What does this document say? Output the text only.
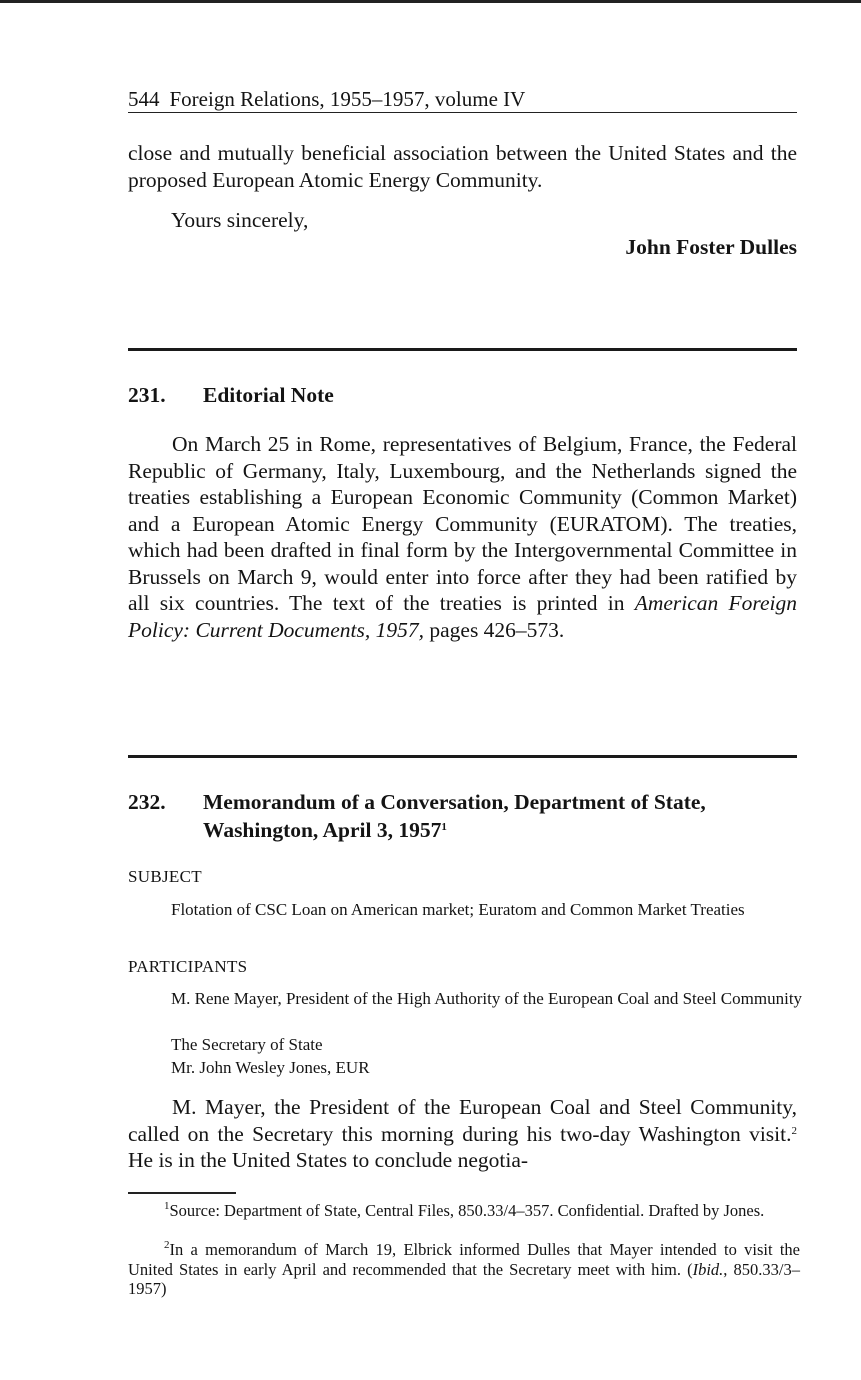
544 Foreign Relations, 1955–1957, volume IV
close and mutually beneficial association between the United States and the proposed European Atomic Energy Community.
Yours sincerely,
John Foster Dulles
231. Editorial Note
On March 25 in Rome, representatives of Belgium, France, the Federal Republic of Germany, Italy, Luxembourg, and the Netherlands signed the treaties establishing a European Economic Community (Common Market) and a European Atomic Energy Community (EURATOM). The treaties, which had been drafted in final form by the Intergovernmental Committee in Brussels on March 9, would enter into force after they had been ratified by all six countries. The text of the treaties is printed in American Foreign Policy: Current Documents, 1957, pages 426–573.
232. Memorandum of a Conversation, Department of State, Washington, April 3, 1957$^1$
SUBJECT
Flotation of CSC Loan on American market; Euratom and Common Market Treaties
PARTICIPANTS
M. Rene Mayer, President of the High Authority of the European Coal and Steel Community
The Secretary of State
Mr. John Wesley Jones, EUR
M. Mayer, the President of the European Coal and Steel Community, called on the Secretary this morning during his two-day Washington visit.$^2$ He is in the United States to conclude negotia-
$^1$Source: Department of State, Central Files, 850.33/4–357. Confidential. Drafted by Jones.
$^2$In a memorandum of March 19, Elbrick informed Dulles that Mayer intended to visit the United States in early April and recommended that the Secretary meet with him. (Ibid., 850.33/3–1957)
